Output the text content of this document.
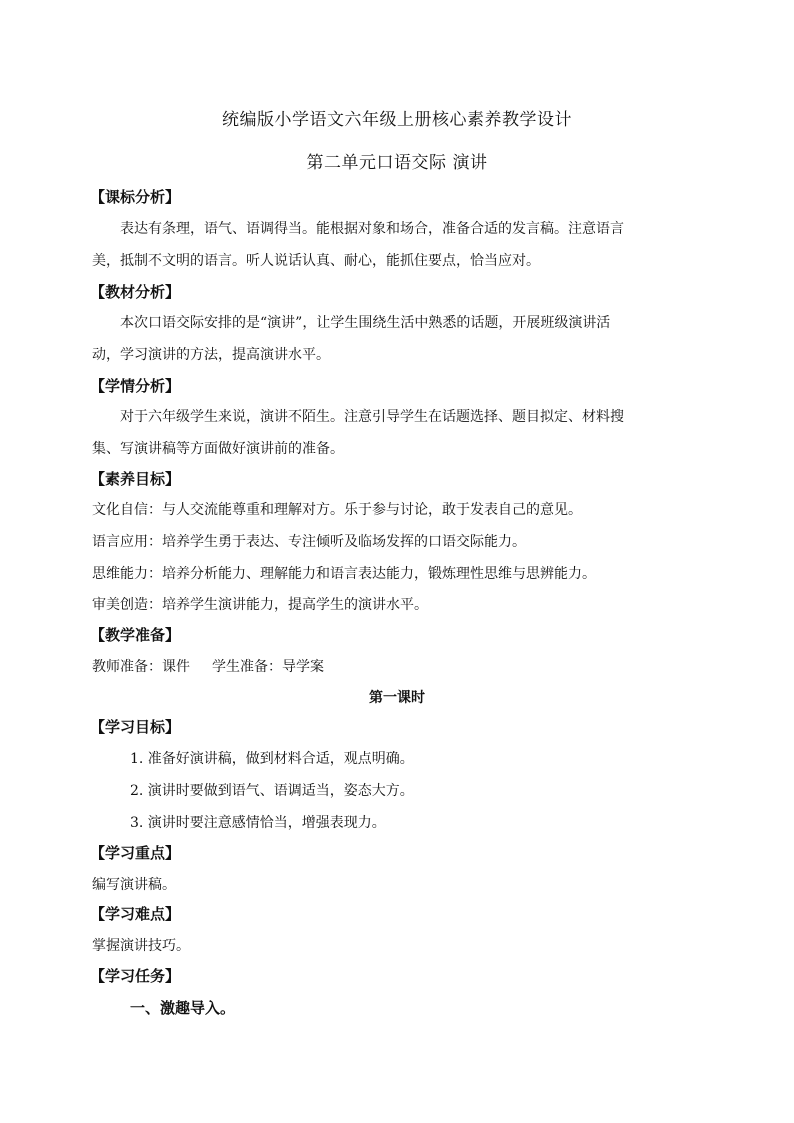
统编版小学语文六年级上册核心素养教学设计
第二单元口语交际 演讲
【课标分析】
表达有条理，语气、语调得当。能根据对象和场合，准备合适的发言稿。注意语言
美，抵制不文明的语言。听人说话认真、耐心，能抓住要点，恰当应对。
【教材分析】
本次口语交际安排的是“演讲”，让学生围绕生活中熟悉的话题，开展班级演讲活
动，学习演讲的方法，提高演讲水平。
【学情分析】
对于六年级学生来说，演讲不陌生。注意引导学生在话题选择、题目拟定、材料搜
集、写演讲稿等方面做好演讲前的准备。
【素养目标】
文化自信：与人交流能尊重和理解对方。乐于参与讨论，敢于发表自己的意见。
语言应用：培养学生勇于表达、专注倾听及临场发挥的口语交际能力。
思维能力：培养分析能力、理解能力和语言表达能力，锻炼理性思维与思辨能力。
审美创造：培养学生演讲能力，提高学生的演讲水平。
【教学准备】
教师准备：课件 学生准备：导学案
第一课时
【学习目标】
1. 准备好演讲稿，做到材料合适，观点明确。
2. 演讲时要做到语气、语调适当，姿态大方。
3. 演讲时要注意感情恰当，增强表现力。
【学习重点】
编写演讲稿。
【学习难点】
掌握演讲技巧。
【学习任务】
一、激趣导入。
